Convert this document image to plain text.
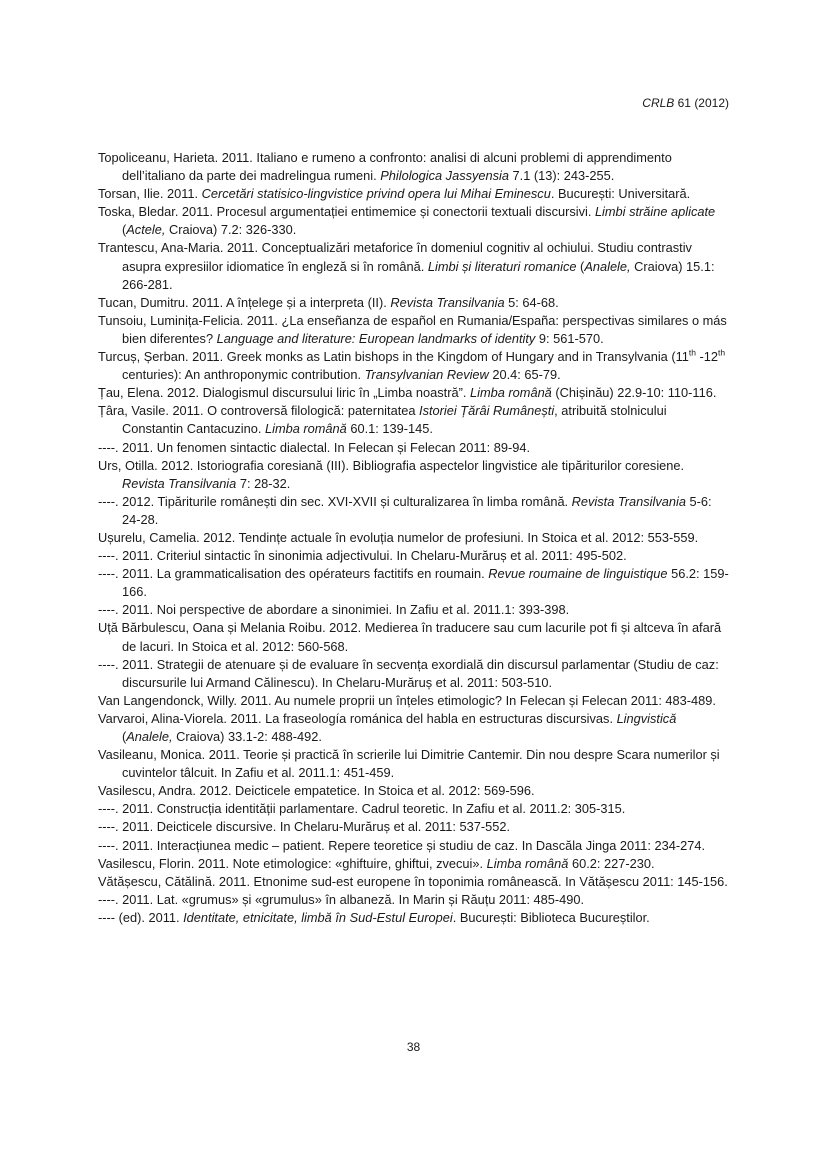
CRLB 61 (2012)

Topoliceanu, Harieta. 2011. Italiano e rumeno a confronto: analisi di alcuni problemi di apprendimento dell’italiano da parte dei madrelingua rumeni. Philologica Jassyensia 7.1 (13): 243-255.

Torsan, Ilie. 2011. Cercetări statisico-lingvistice privind opera lui Mihai Eminescu. București: Universitară.

Toska, Bledar. 2011. Procesul argumentației entimemice și conectorii textuali discursivi. Limbi străine aplicate (Actele, Craiova) 7.2: 326-330.

Trantescu, Ana-Maria. 2011. Conceptualizări metaforice în domeniul cognitiv al ochiului. Studiu contrastiv asupra expresiilor idiomatice în engleză si în română. Limbi și literaturi romanice (Analele, Craiova) 15.1: 266-281.

Tucan, Dumitru. 2011. A înțelege și a interpreta (II). Revista Transilvania 5: 64-68.

Tunsoiu, Luminița-Felicia. 2011. ¿La enseñanza de español en Rumania/España: perspectivas similares o más bien diferentes? Language and literature: European landmarks of identity 9: 561-570.

Turcuș, Șerban. 2011. Greek monks as Latin bishops in the Kingdom of Hungary and in Transylvania (11th -12th centuries): An anthroponymic contribution. Transylvanian Review 20.4: 65-79.

Țau, Elena. 2012. Dialogismul discursului liric în „Limba noastră”. Limba română (Chișinău) 22.9-10: 110-116.

Țâra, Vasile. 2011. O controversă filologică: paternitatea Istoriei Țărâi Rumânești, atribuită stolnicului Constantin Cantacuzino. Limba română 60.1: 139-145.

----. 2011. Un fenomen sintactic dialectal. In Felecan și Felecan 2011: 89-94.

Urs, Otilla. 2012. Istoriografia coresiană (III). Bibliografia aspectelor lingvistice ale tipăriturilor coresiene. Revista Transilvania 7: 28-32.

----. 2012. Tipăriturile românești din sec. XVI-XVII și culturalizarea în limba română. Revista Transilvania 5-6: 24-28.

Ușurelu, Camelia. 2012. Tendințe actuale în evoluția numelor de profesiuni. In Stoica et al. 2012: 553-559.

----. 2011. Criteriul sintactic în sinonimia adjectivului. In Chelaru-Murăruș et al. 2011: 495-502.

----. 2011. La grammaticalisation des opérateurs factitifs en roumain. Revue roumaine de linguistique 56.2: 159-166.

----. 2011. Noi perspective de abordare a sinonimiei. In Zafiu et al. 2011.1: 393-398.

Uță Bărbulescu, Oana și Melania Roibu. 2012. Medierea în traducere sau cum lacurile pot fi și altceva în afară de lacuri. In Stoica et al. 2012: 560-568.

----. 2011. Strategii de atenuare și de evaluare în secvența exordială din discursul parlamentar (Studiu de caz: discursurile lui Armand Călinescu). In Chelaru-Murăruș et al. 2011: 503-510.

Van Langendonck, Willy. 2011. Au numele proprii un înțeles etimologic? In Felecan și Felecan 2011: 483-489.

Varvaroi, Alina-Viorela. 2011. La fraseología románica del habla en estructuras discursivas. Lingvistică (Analele, Craiova) 33.1-2: 488-492.

Vasileanu, Monica. 2011. Teorie și practică în scrierile lui Dimitrie Cantemir. Din nou despre Scara numerilor și cuvintelor tâlcuit. In Zafiu et al. 2011.1: 451-459.

Vasilescu, Andra. 2012. Deicticele empatetice. In Stoica et al. 2012: 569-596.

----. 2011. Construcția identității parlamentare. Cadrul teoretic. In Zafiu et al. 2011.2: 305-315.

----. 2011. Deicticele discursive. In Chelaru-Murăruș et al. 2011: 537-552.

----. 2011. Interacțiunea medic – patient. Repere teoretice și studiu de caz. In Dascăla Jinga 2011: 234-274.

Vasilescu, Florin. 2011. Note etimologice: «ghiftuire, ghiftui, zvecui». Limba română 60.2: 227-230.

Vătășescu, Cătălină. 2011. Etnonime sud-est europene în toponimia românească. In Vătășescu 2011: 145-156.

----. 2011. Lat. «grumus» și «grumulus» în albaneză. In Marin și Răuțu 2011: 485-490.

---- (ed). 2011. Identitate, etnicitate, limbă în Sud-Estul Europei. București: Biblioteca Bucureștilor.

38
